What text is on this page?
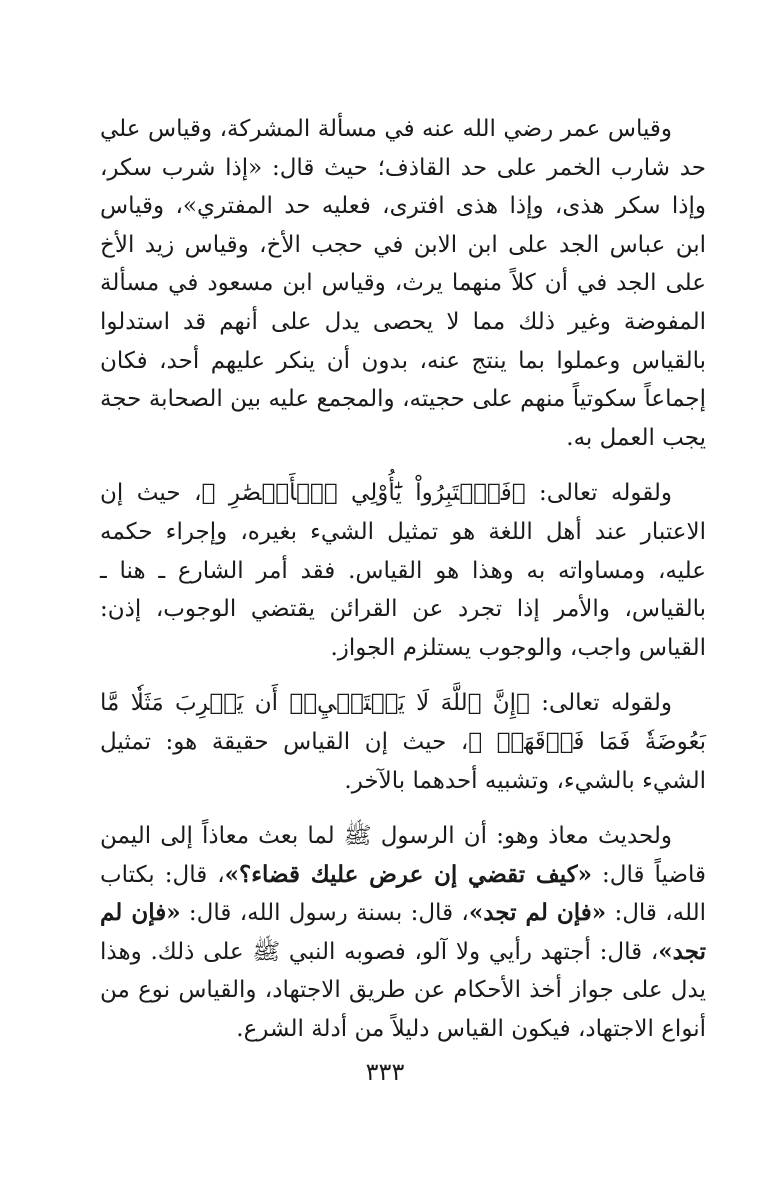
وقياس عمر رضي الله عنه في مسألة المشركة، وقياس علي حد شارب الخمر على حد القاذف؛ حيث قال: «إذا شرب سكر، وإذا سكر هذى، وإذا هذى افترى، فعليه حد المفتري»، وقياس ابن عباس الجد على ابن الابن في حجب الأخ، وقياس زيد الأخ على الجد في أن كلاً منهما يرث، وقياس ابن مسعود في مسألة المفوضة وغير ذلك مما لا يحصى يدل على أنهم قد استدلوا بالقياس وعملوا بما ينتج عنه، بدون أن ينكر عليهم أحد، فكان إجماعاً سكوتياً منهم على حجيته، والمجمع عليه بين الصحابة حجة يجب العمل به.

ولقوله تعالى: ﴿فَٱعۡتَبِرُواْ يَٰٓأُوْلِي ٱلۡأَبۡصَٰرِ ﴾، حيث إن الاعتبار عند أهل اللغة هو تمثيل الشيء بغيره، وإجراء حكمه عليه، ومساواته به وهذا هو القياس. فقد أمر الشارع ـ هنا ـ بالقياس، والأمر إذا تجرد عن القرائن يقتضي الوجوب، إذن: القياس واجب، والوجوب يستلزم الجواز.

ولقوله تعالى: ﴿إِنَّ ٱللَّهَ لَا يَسۡتَحۡيِۦٓ أَن يَضۡرِبَ مَثَلٗا مَّا بَعُوضَةٗ فَمَا فَوۡقَهَاۚ ﴾، حيث إن القياس حقيقة هو: تمثيل الشيء بالشيء، وتشبيه أحدهما بالآخر.

ولحديث معاذ وهو: أن الرسول ﷺ لما بعث معاذاً إلى اليمن قاضياً قال: «كيف تقضي إن عرض عليك قضاء؟»، قال: بكتاب الله، قال: «فإن لم تجد»، قال: بسنة رسول الله، قال: «فإن لم تجد»، قال: أجتهد رأيي ولا آلو، فصوبه النبي ﷺ على ذلك. وهذا يدل على جواز أخذ الأحكام عن طريق الاجتهاد، والقياس نوع من أنواع الاجتهاد، فيكون القياس دليلاً من أدلة الشرع.

٣٣٣
